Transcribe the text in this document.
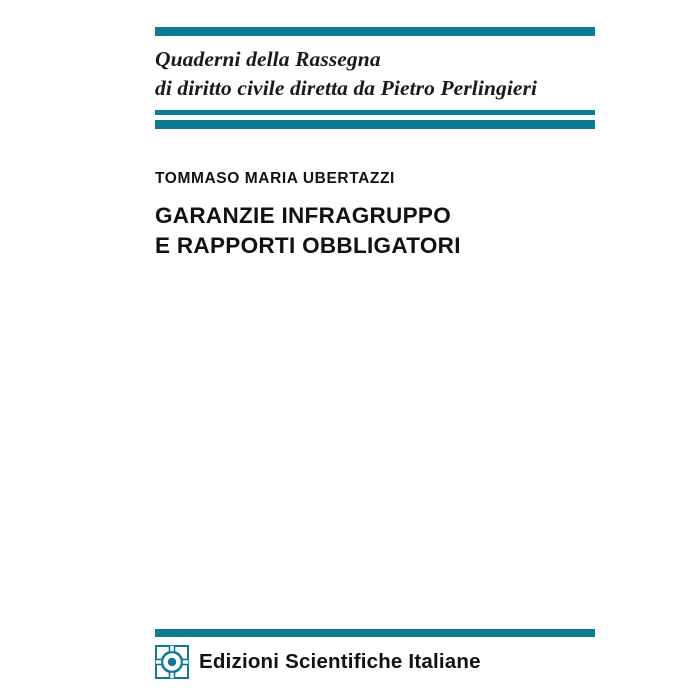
Quaderni della Rassegna
di diritto civile diretta da Pietro Perlingieri
TOMMASO MARIA UBERTAZZI
GARANZIE INFRAGRUPPO
E RAPPORTI OBBLIGATORI
Edizioni Scientifiche Italiane
